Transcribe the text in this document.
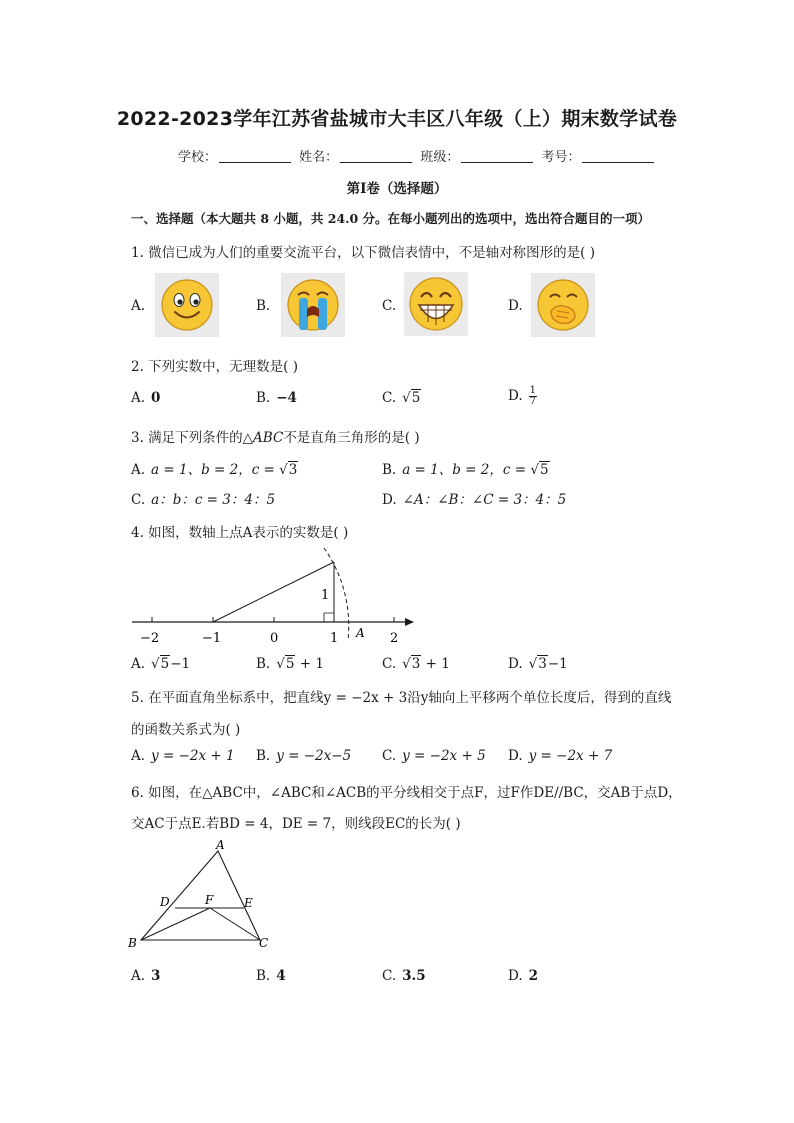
2022-2023学年江苏省盐城市大丰区八年级（上）期末数学试卷
学校：	姓名：	班级：	考号：
第Ⅰ卷（选择题）
一、选择题（本大题共 8 小题，共 24.0 分。在每小题列出的选项中，选出符合题目的一项）
1. 微信已成为人们的重要交流平台，以下微信表情中，不是轴对称图形的是( )
A.	B.	C.	D.
2. 下列实数中，无理数是( )
A. 0	B. −4	C. √5	D. $\frac{1}{7}$
3. 满足下列条件的△ABC不是直角三角形的是( )
A. a = 1、b = 2，c = √3	B. a = 1、b = 2，c = √5
C. a：b：c = 3：4：5	D. ∠A：∠B：∠C = 3：4：5
4. 如图，数轴上点A表示的实数是( )
−2	−1	0	1	2
1
A
A. √5−1	B. √5 + 1	C. √3 + 1	D. √3−1
5. 在平面直角坐标系中，把直线y = −2x + 3沿y轴向上平移两个单位长度后，得到的直线
的函数关系式为( )
A. y = −2x + 1 B. y = −2x−5 C. y = −2x + 5 D. y = −2x + 7
6. 如图，在△ABC中，∠ABC和∠ACB的平分线相交于点F，过F作DE//BC，交AB于点D，
交AC于点E.若BD = 4，DE = 7，则线段EC的长为( )
A
B	C
D	E
F
A. 3	B. 4	C. 3.5	D. 2
